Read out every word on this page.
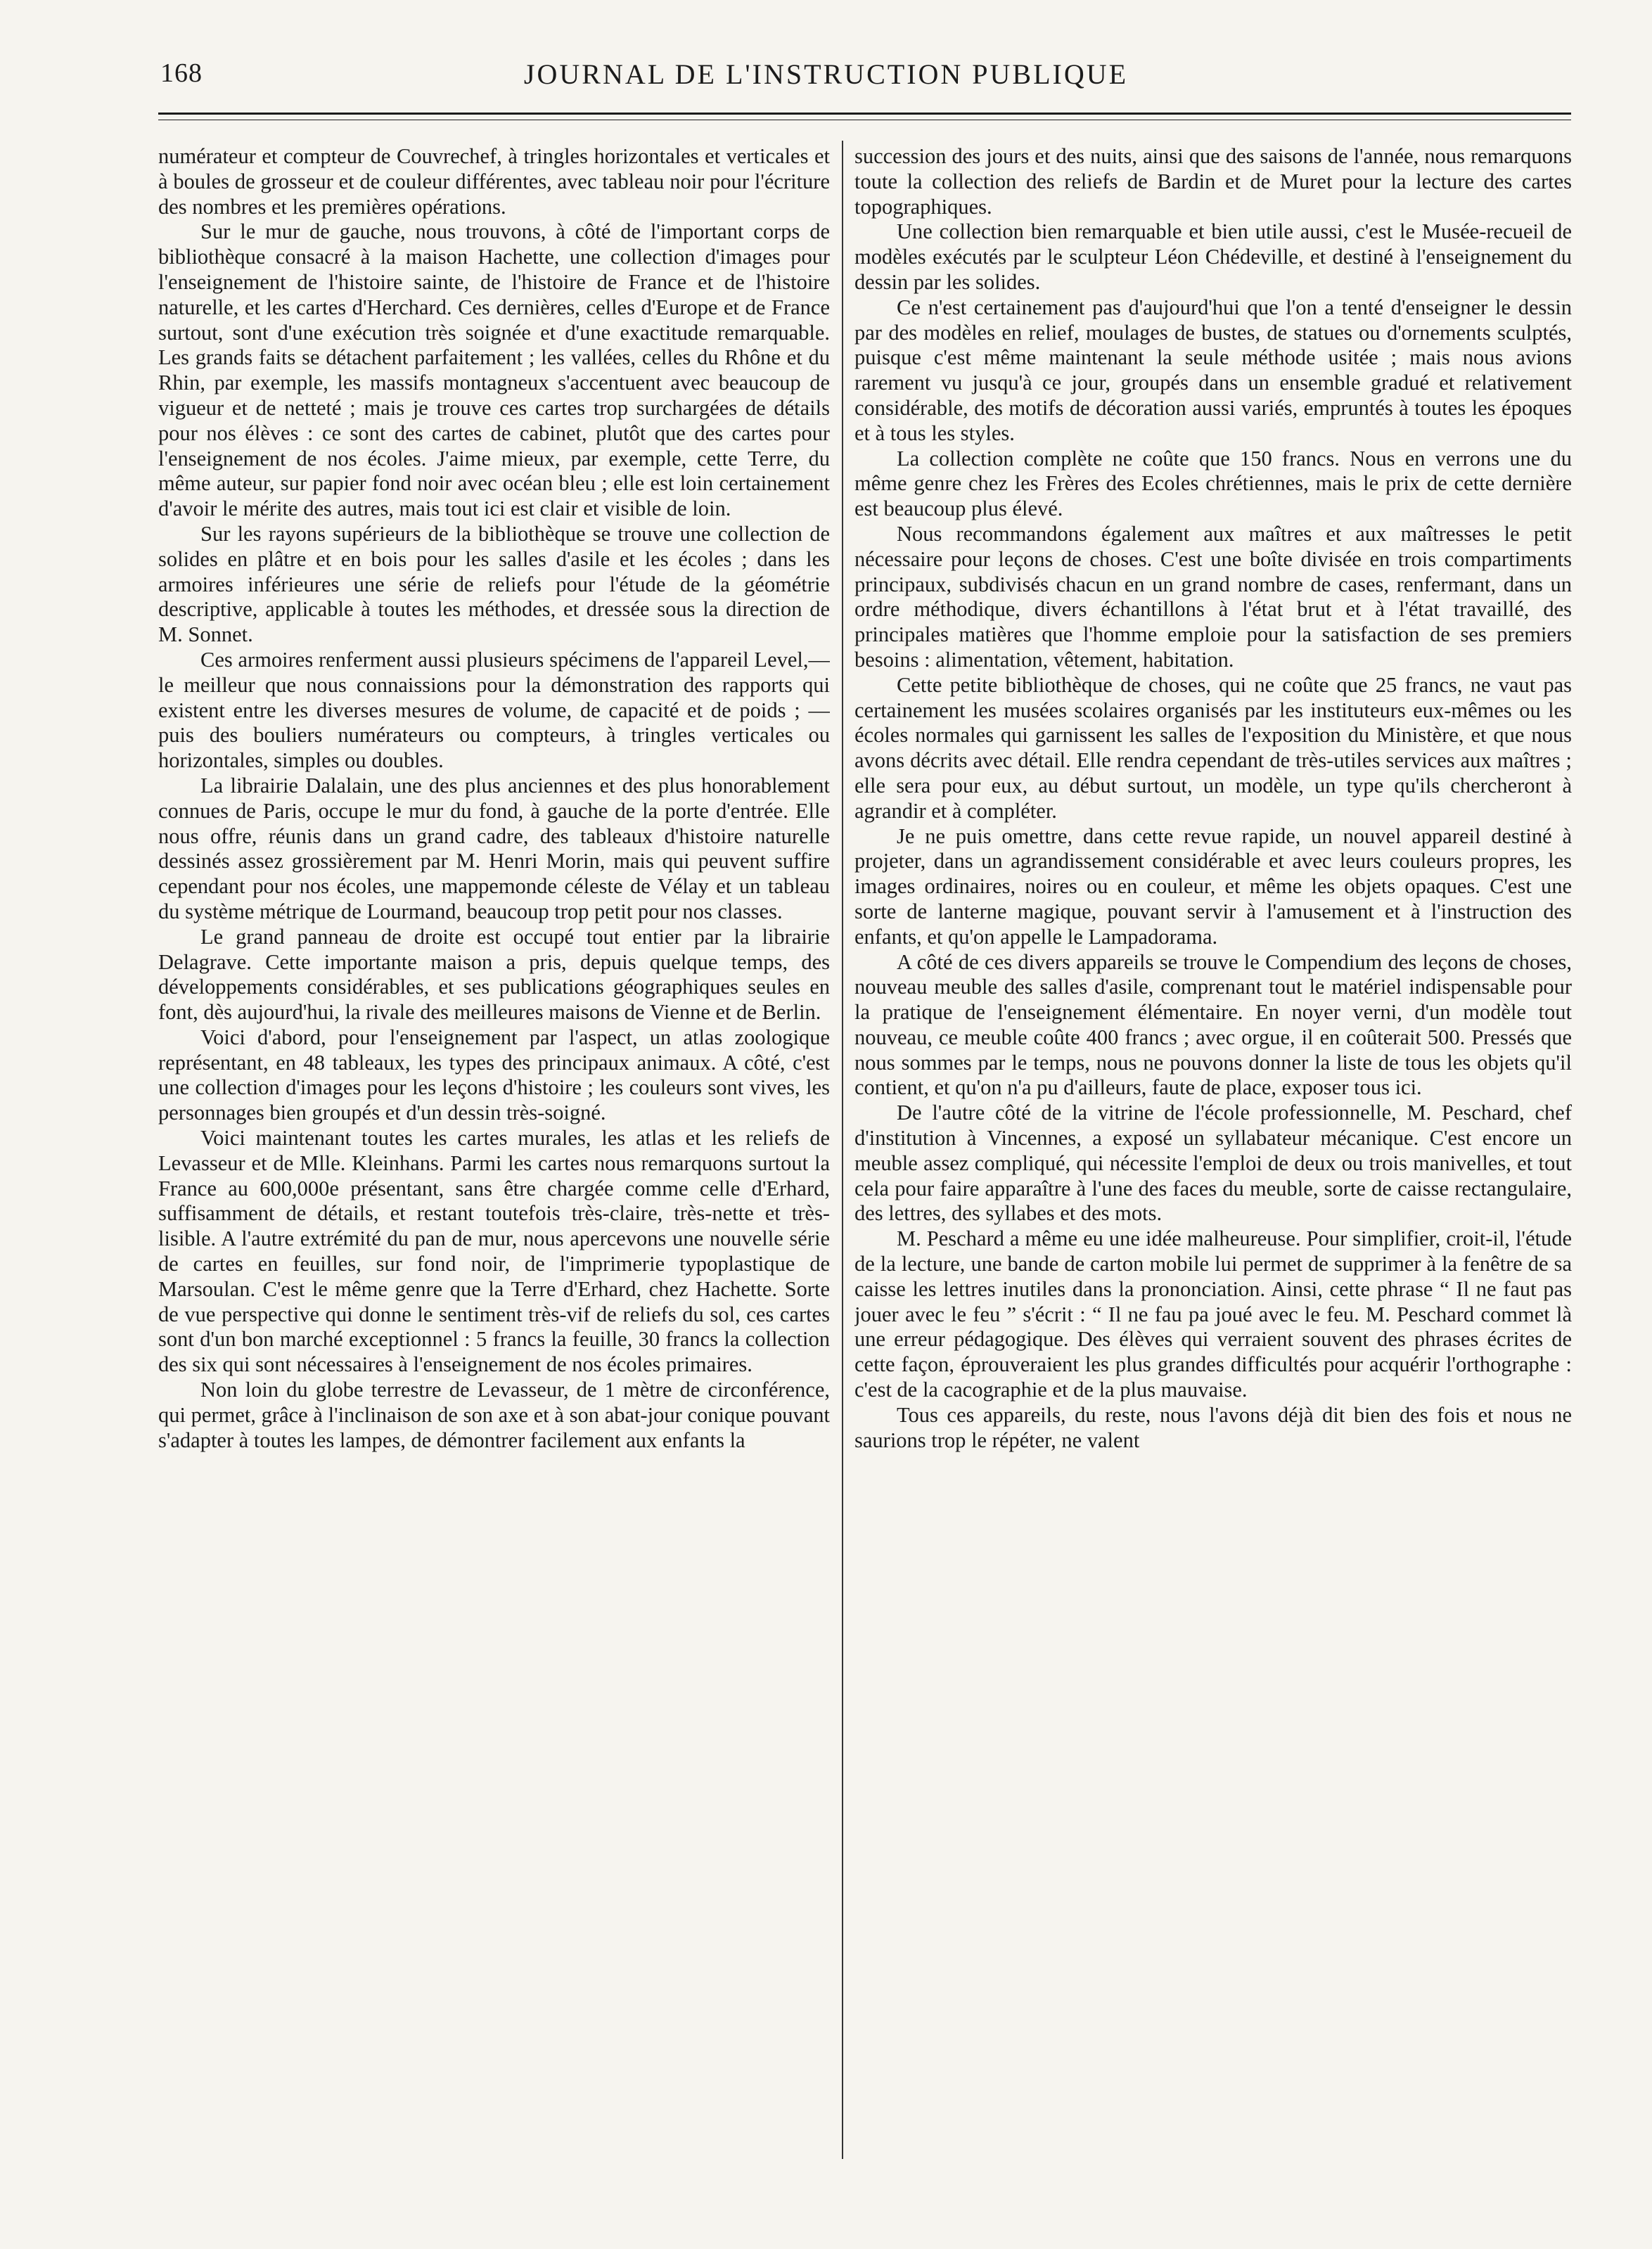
168	JOURNAL DE L'INSTRUCTION PUBLIQUE

numérateur et compteur de Couvrechef, à tringles horizontales et verticales et à boules de grosseur et de couleur différentes, avec tableau noir pour l'écriture des nombres et les premières opérations.

Sur le mur de gauche, nous trouvons, à côté de l'important corps de bibliothèque consacré à la maison Hachette, une collection d'images pour l'enseignement de l'histoire sainte, de l'histoire de France et de l'histoire naturelle, et les cartes d'Herchard. Ces dernières, celles d'Europe et de France surtout, sont d'une exécution très soignée et d'une exactitude remarquable. Les grands faits se détachent parfaitement ; les vallées, celles du Rhône et du Rhin, par exemple, les massifs montagneux s'accentuent avec beaucoup de vigueur et de netteté ; mais je trouve ces cartes trop surchargées de détails pour nos élèves : ce sont des cartes de cabinet, plutôt que des cartes pour l'enseignement de nos écoles. J'aime mieux, par exemple, cette Terre, du même auteur, sur papier fond noir avec océan bleu ; elle est loin certainement d'avoir le mérite des autres, mais tout ici est clair et visible de loin.

Sur les rayons supérieurs de la bibliothèque se trouve une collection de solides en plâtre et en bois pour les salles d'asile et les écoles ; dans les armoires inférieures une série de reliefs pour l'étude de la géométrie descriptive, applicable à toutes les méthodes, et dressée sous la direction de M. Sonnet.

Ces armoires renferment aussi plusieurs spécimens de l'appareil Level,—le meilleur que nous connaissions pour la démonstration des rapports qui existent entre les diverses mesures de volume, de capacité et de poids ; — puis des bouliers numérateurs ou compteurs, à tringles verticales ou horizontales, simples ou doubles.

La librairie Dalalain, une des plus anciennes et des plus honorablement connues de Paris, occupe le mur du fond, à gauche de la porte d'entrée. Elle nous offre, réunis dans un grand cadre, des tableaux d'histoire naturelle dessinés assez grossièrement par M. Henri Morin, mais qui peuvent suffire cependant pour nos écoles, une mappemonde céleste de Vélay et un tableau du système métrique de Lourmand, beaucoup trop petit pour nos classes.

Le grand panneau de droite est occupé tout entier par la librairie Delagrave. Cette importante maison a pris, depuis quelque temps, des développements considérables, et ses publications géographiques seules en font, dès aujourd'hui, la rivale des meilleures maisons de Vienne et de Berlin.

Voici d'abord, pour l'enseignement par l'aspect, un atlas zoologique représentant, en 48 tableaux, les types des principaux animaux. A côté, c'est une collection d'images pour les leçons d'histoire ; les couleurs sont vives, les personnages bien groupés et d'un dessin très-soigné.

Voici maintenant toutes les cartes murales, les atlas et les reliefs de Levasseur et de Mlle. Kleinhans. Parmi les cartes nous remarquons surtout la France au 600,000e présentant, sans être chargée comme celle d'Erhard, suffisamment de détails, et restant toutefois très-claire, très-nette et très-lisible. A l'autre extrémité du pan de mur, nous apercevons une nouvelle série de cartes en feuilles, sur fond noir, de l'imprimerie typoplastique de Marsoulan. C'est le même genre que la Terre d'Erhard, chez Hachette. Sorte de vue perspective qui donne le sentiment très-vif de reliefs du sol, ces cartes sont d'un bon marché exceptionnel : 5 francs la feuille, 30 francs la collection des six qui sont nécessaires à l'enseignement de nos écoles primaires.

Non loin du globe terrestre de Levasseur, de 1 mètre de circonférence, qui permet, grâce à l'inclinaison de son axe et à son abat-jour conique pouvant s'adapter à toutes les lampes, de démontrer facilement aux enfants la

succession des jours et des nuits, ainsi que des saisons de l'année, nous remarquons toute la collection des reliefs de Bardin et de Muret pour la lecture des cartes topographiques.

Une collection bien remarquable et bien utile aussi, c'est le Musée-recueil de modèles exécutés par le sculpteur Léon Chédeville, et destiné à l'enseignement du dessin par les solides.

Ce n'est certainement pas d'aujourd'hui que l'on a tenté d'enseigner le dessin par des modèles en relief, moulages de bustes, de statues ou d'ornements sculptés, puisque c'est même maintenant la seule méthode usitée ; mais nous avions rarement vu jusqu'à ce jour, groupés dans un ensemble gradué et relativement considérable, des motifs de décoration aussi variés, empruntés à toutes les époques et à tous les styles.

La collection complète ne coûte que 150 francs. Nous en verrons une du même genre chez les Frères des Ecoles chrétiennes, mais le prix de cette dernière est beaucoup plus élevé.

Nous recommandons également aux maîtres et aux maîtresses le petit nécessaire pour leçons de choses. C'est une boîte divisée en trois compartiments principaux, subdivisés chacun en un grand nombre de cases, renfermant, dans un ordre méthodique, divers échantillons à l'état brut et à l'état travaillé, des principales matières que l'homme emploie pour la satisfaction de ses premiers besoins : alimentation, vêtement, habitation.

Cette petite bibliothèque de choses, qui ne coûte que 25 francs, ne vaut pas certainement les musées scolaires organisés par les instituteurs eux-mêmes ou les écoles normales qui garnissent les salles de l'exposition du Ministère, et que nous avons décrits avec détail. Elle rendra cependant de très-utiles services aux maîtres ; elle sera pour eux, au début surtout, un modèle, un type qu'ils chercheront à agrandir et à compléter.

Je ne puis omettre, dans cette revue rapide, un nouvel appareil destiné à projeter, dans un agrandissement considérable et avec leurs couleurs propres, les images ordinaires, noires ou en couleur, et même les objets opaques. C'est une sorte de lanterne magique, pouvant servir à l'amusement et à l'instruction des enfants, et qu'on appelle le Lampadorama.

A côté de ces divers appareils se trouve le Compendium des leçons de choses, nouveau meuble des salles d'asile, comprenant tout le matériel indispensable pour la pratique de l'enseignement élémentaire. En noyer verni, d'un modèle tout nouveau, ce meuble coûte 400 francs ; avec orgue, il en coûterait 500. Pressés que nous sommes par le temps, nous ne pouvons donner la liste de tous les objets qu'il contient, et qu'on n'a pu d'ailleurs, faute de place, exposer tous ici.

De l'autre côté de la vitrine de l'école professionnelle, M. Peschard, chef d'institution à Vincennes, a exposé un syllabateur mécanique. C'est encore un meuble assez compliqué, qui nécessite l'emploi de deux ou trois manivelles, et tout cela pour faire apparaître à l'une des faces du meuble, sorte de caisse rectangulaire, des lettres, des syllabes et des mots.

M. Peschard a même eu une idée malheureuse. Pour simplifier, croit-il, l'étude de la lecture, une bande de carton mobile lui permet de supprimer à la fenêtre de sa caisse les lettres inutiles dans la prononciation. Ainsi, cette phrase “ Il ne faut pas jouer avec le feu ” s'écrit : “ Il ne fau pa joué avec le feu. M. Peschard commet là une erreur pédagogique. Des élèves qui verraient souvent des phrases écrites de cette façon, éprouveraient les plus grandes difficultés pour acquérir l'orthographe : c'est de la cacographie et de la plus mauvaise.

Tous ces appareils, du reste, nous l'avons déjà dit bien des fois et nous ne saurions trop le répéter, ne valent
